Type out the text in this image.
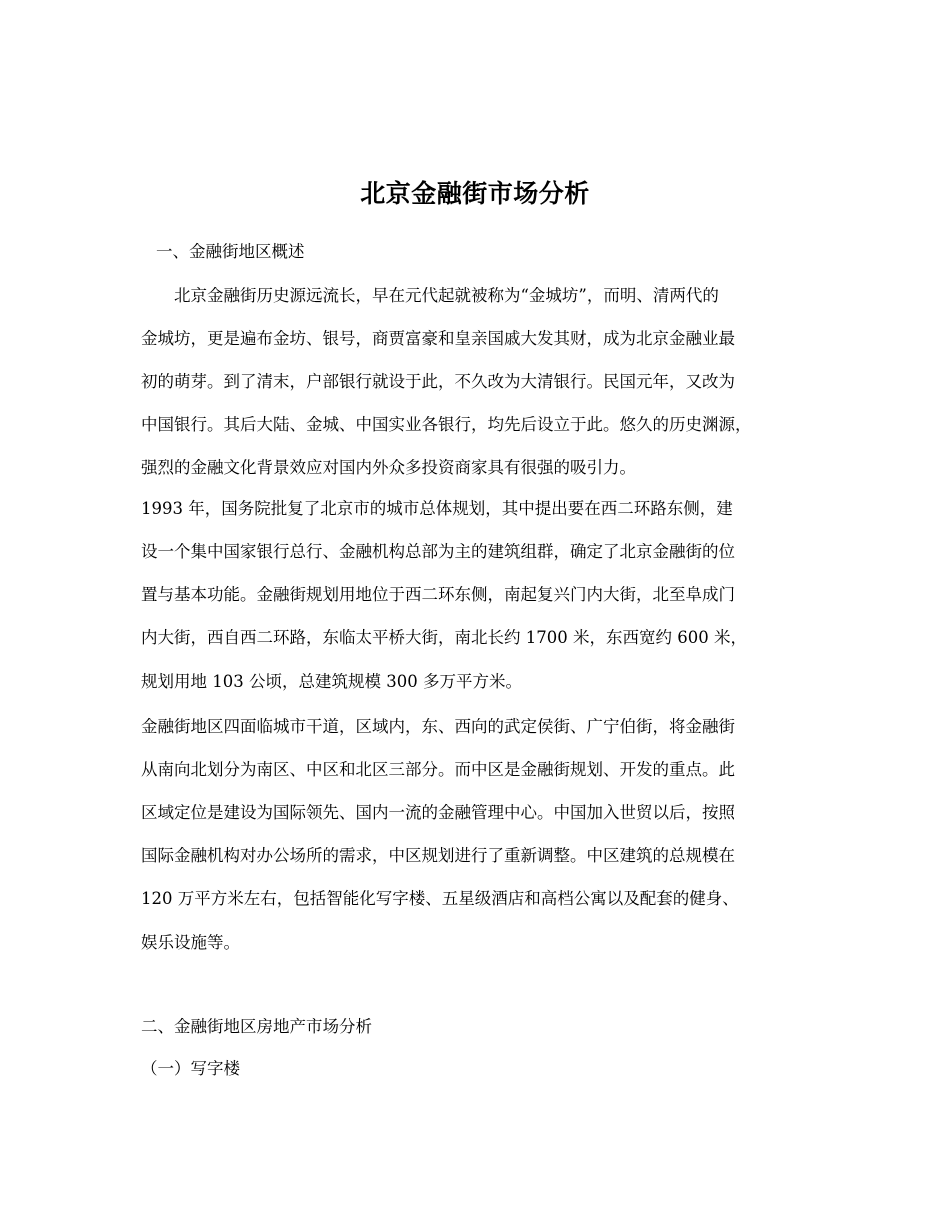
北京金融街市场分析
一、金融街地区概述
北京金融街历史源远流长，早在元代起就被称为“金城坊”，而明、清两代的
金城坊，更是遍布金坊、银号，商贾富豪和皇亲国戚大发其财，成为北京金融业最
初的萌芽。到了清末，户部银行就设于此，不久改为大清银行。民国元年，又改为
中国银行。其后大陆、金城、中国实业各银行，均先后设立于此。悠久的历史渊源，
强烈的金融文化背景效应对国内外众多投资商家具有很强的吸引力。
1993 年，国务院批复了北京市的城市总体规划，其中提出要在西二环路东侧，建
设一个集中国家银行总行、金融机构总部为主的建筑组群，确定了北京金融街的位
置与基本功能。金融街规划用地位于西二环东侧，南起复兴门内大街，北至阜成门
内大街，西自西二环路，东临太平桥大街，南北长约 1700 米，东西宽约 600 米，
规划用地 103 公顷，总建筑规模 300 多万平方米。
金融街地区四面临城市干道，区域内，东、西向的武定侯街、广宁伯街，将金融街
从南向北划分为南区、中区和北区三部分。而中区是金融街规划、开发的重点。此
区域定位是建设为国际领先、国内一流的金融管理中心。中国加入世贸以后，按照
国际金融机构对办公场所的需求，中区规划进行了重新调整。中区建筑的总规模在
120 万平方米左右，包括智能化写字楼、五星级酒店和高档公寓以及配套的健身、
娱乐设施等。
二、金融街地区房地产市场分析
（一）写字楼
